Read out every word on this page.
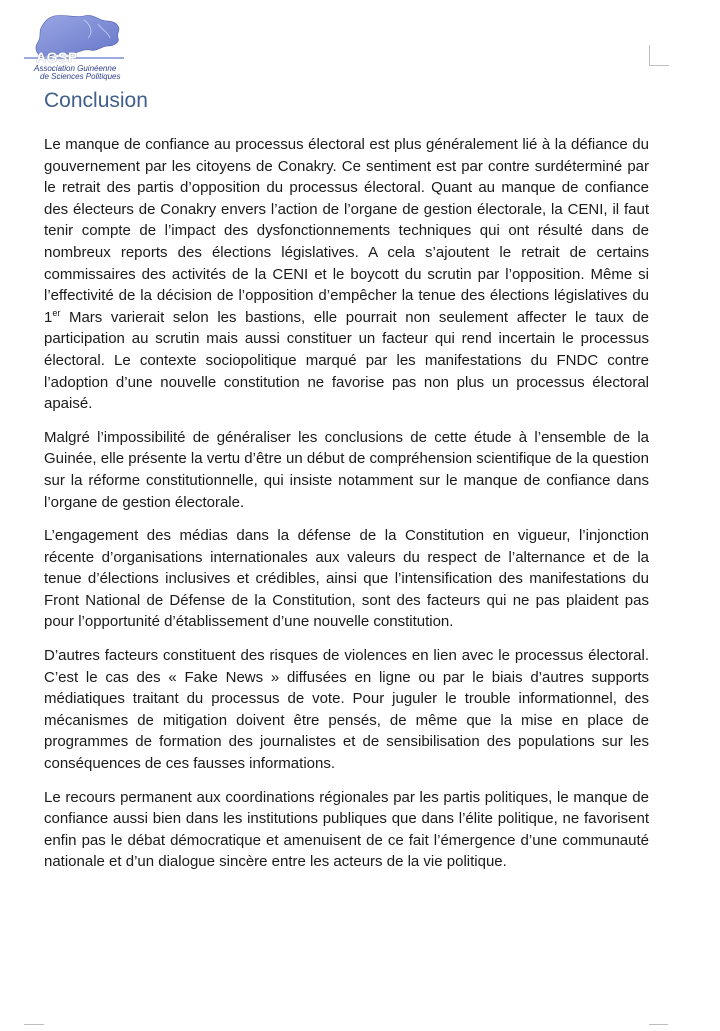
AGSP
Association Guinéenne
de Sciences Politiques
Conclusion

Le manque de confiance au processus électoral est plus généralement lié à la défiance du gouvernement par les citoyens de Conakry. Ce sentiment est par contre surdéterminé par le retrait des partis d’opposition du processus électoral. Quant au manque de confiance des électeurs de Conakry envers l’action de l’organe de gestion électorale, la CENI, il faut tenir compte de l’impact des dysfonctionnements techniques qui ont résulté dans de nombreux reports des élections législatives. A cela s’ajoutent le retrait de certains commissaires des activités de la CENI et le boycott du scrutin par l’opposition. Même si l’effectivité de la décision de l’opposition d’empêcher la tenue des élections législatives du 1er Mars varierait selon les bastions, elle pourrait non seulement affecter le taux de participation au scrutin mais aussi constituer un facteur qui rend incertain le processus électoral. Le contexte sociopolitique marqué par les manifestations du FNDC contre l’adoption d’une nouvelle constitution ne favorise pas non plus un processus électoral apaisé.

Malgré l’impossibilité de généraliser les conclusions de cette étude à l’ensemble de la Guinée, elle présente la vertu d’être un début de compréhension scientifique de la question sur la réforme constitutionnelle, qui insiste notamment sur le manque de confiance dans l’organe de gestion électorale.

L’engagement des médias dans la défense de la Constitution en vigueur, l’injonction récente d’organisations internationales aux valeurs du respect de l’alternance et de la tenue d’élections inclusives et crédibles, ainsi que l’intensification des manifestations du Front National de Défense de la Constitution, sont des facteurs qui ne pas plaident pas pour l’opportunité d’établissement d’une nouvelle constitution.

D’autres facteurs constituent des risques de violences en lien avec le processus électoral. C’est le cas des « Fake News » diffusées en ligne ou par le biais d’autres supports médiatiques traitant du processus de vote. Pour juguler le trouble informationnel, des mécanismes de mitigation doivent être pensés, de même que la mise en place de programmes de formation des journalistes et de sensibilisation des populations sur les conséquences de ces fausses informations.

Le recours permanent aux coordinations régionales par les partis politiques, le manque de confiance aussi bien dans les institutions publiques que dans l’élite politique, ne favorisent enfin pas le débat démocratique et amenuisent de ce fait l’émergence d’une communauté nationale et d’un dialogue sincère entre les acteurs de la vie politique.
